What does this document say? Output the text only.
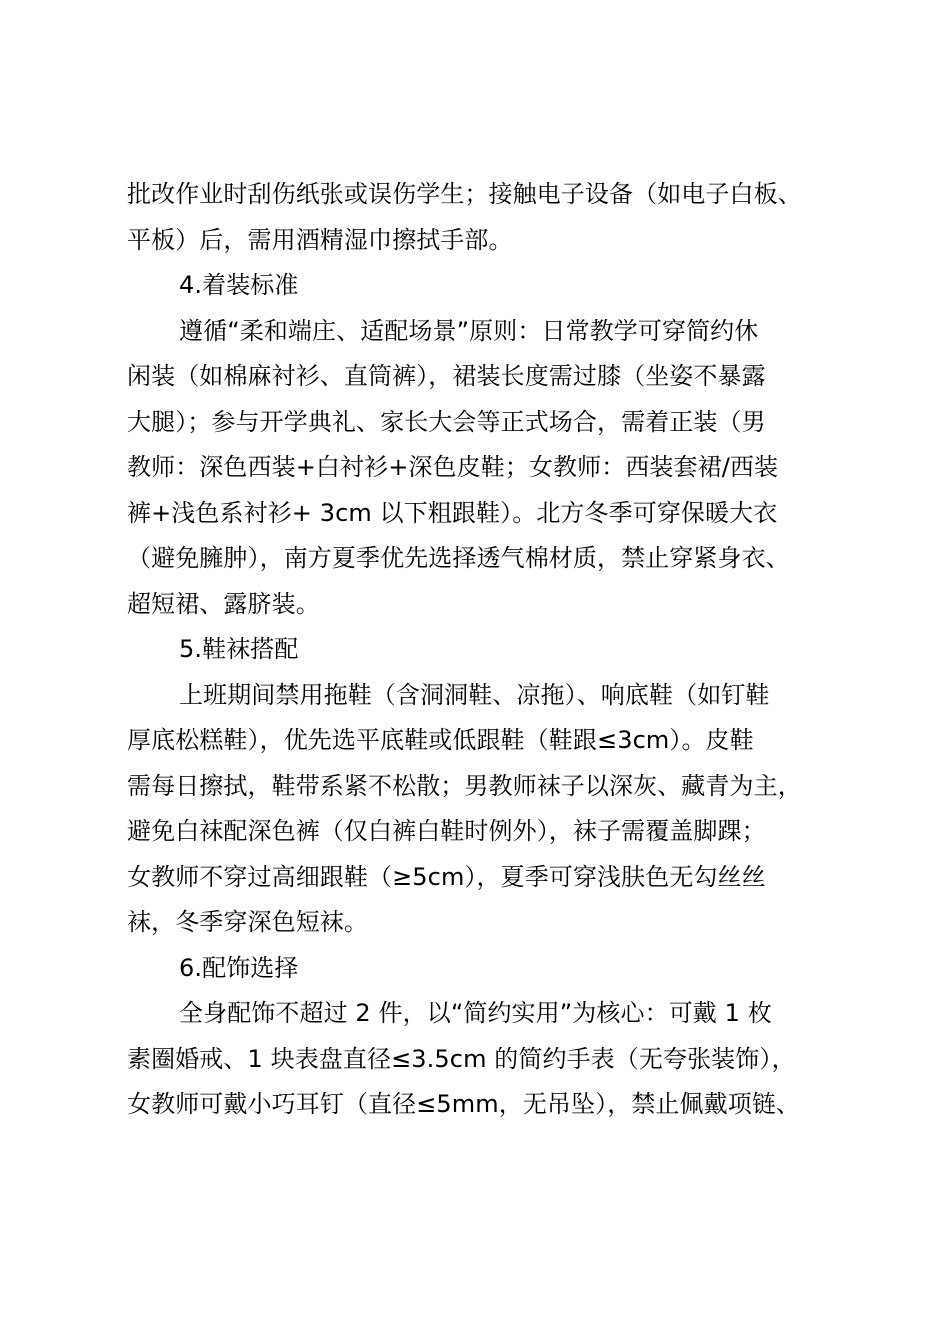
批改作业时刮伤纸张或误伤学生；接触电子设备（如电子白板、
平板）后，需用酒精湿巾擦拭手部。

4.着装标准

遵循“柔和端庄、适配场景”原则：日常教学可穿简约休
闲装（如棉麻衬衫、直筒裤），裙装长度需过膝（坐姿不暴露
大腿）；参与开学典礼、家长大会等正式场合，需着正装（男
教师：深色西装+白衬衫+深色皮鞋；女教师：西装套裙/西装
裤+浅色系衬衫+ 3cm 以下粗跟鞋）。北方冬季可穿保暖大衣
（避免臃肿），南方夏季优先选择透气棉材质，禁止穿紧身衣、
超短裙、露脐装。

5.鞋袜搭配

上班期间禁用拖鞋（含洞洞鞋、凉拖）、响底鞋（如钉鞋
厚底松糕鞋），优先选平底鞋或低跟鞋（鞋跟≤3cm）。皮鞋
需每日擦拭，鞋带系紧不松散；男教师袜子以深灰、藏青为主，
避免白袜配深色裤（仅白裤白鞋时例外），袜子需覆盖脚踝；
女教师不穿过高细跟鞋（≥5cm），夏季可穿浅肤色无勾丝丝
袜，冬季穿深色短袜。

6.配饰选择

全身配饰不超过 2 件，以“简约实用”为核心：可戴 1 枚
素圈婚戒、1 块表盘直径≤3.5cm 的简约手表（无夸张装饰），
女教师可戴小巧耳钉（直径≤5mm，无吊坠），禁止佩戴项链、
